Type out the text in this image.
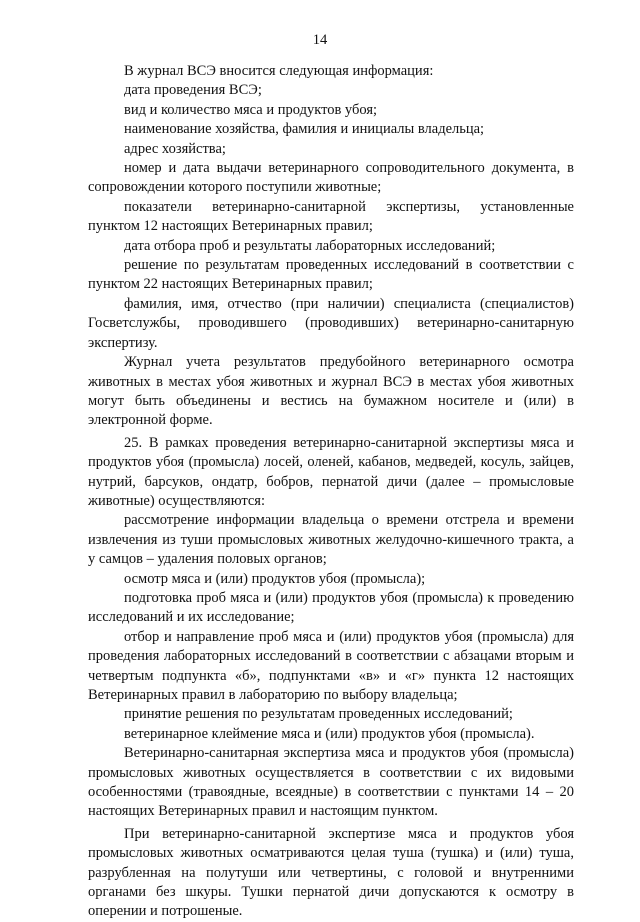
14

В журнал ВСЭ вносится следующая информация:

дата проведения ВСЭ;

вид и количество мяса и продуктов убоя;

наименование хозяйства, фамилия и инициалы владельца;

адрес хозяйства;

номер и дата выдачи ветеринарного сопроводительного документа, в сопровождении которого поступили животные;

показатели ветеринарно-санитарной экспертизы, установленные пунктом 12 настоящих Ветеринарных правил;

дата отбора проб и результаты лабораторных исследований;

решение по результатам проведенных исследований в соответствии с пунктом 22 настоящих Ветеринарных правил;

фамилия, имя, отчество (при наличии) специалиста (специалистов) Госветслужбы, проводившего (проводивших) ветеринарно-санитарную экспертизу.

Журнал учета результатов предубойного ветеринарного осмотра животных в местах убоя животных и журнал ВСЭ в местах убоя животных могут быть объединены и вестись на бумажном носителе и (или) в электронной форме.

25. В рамках проведения ветеринарно-санитарной экспертизы мяса и продуктов убоя (промысла) лосей, оленей, кабанов, медведей, косуль, зайцев, нутрий, барсуков, ондатр, бобров, пернатой дичи (далее – промысловые животные) осуществляются:

рассмотрение информации владельца о времени отстрела и времени извлечения из туши промысловых животных желудочно-кишечного тракта, а у самцов – удаления половых органов;

осмотр мяса и (или) продуктов убоя (промысла);

подготовка проб мяса и (или) продуктов убоя (промысла) к проведению исследований и их исследование;

отбор и направление проб мяса и (или) продуктов убоя (промысла) для проведения лабораторных исследований в соответствии с абзацами вторым и четвертым подпункта «б», подпунктами «в» и «г» пункта 12 настоящих Ветеринарных правил в лабораторию по выбору владельца;

принятие решения по результатам проведенных исследований;

ветеринарное клеймение мяса и (или) продуктов убоя (промысла).

Ветеринарно-санитарная экспертиза мяса и продуктов убоя (промысла) промысловых животных осуществляется в соответствии с их видовыми особенностями (травоядные, всеядные) в соответствии с пунктами 14 – 20 настоящих Ветеринарных правил и настоящим пунктом.

При ветеринарно-санитарной экспертизе мяса и продуктов убоя промысловых животных осматриваются целая туша (тушка) и (или) туша, разрубленная на полутуши или четвертины, с головой и внутренними органами без шкуры. Тушки пернатой дичи допускаются к осмотру в оперении и потрошеные.
